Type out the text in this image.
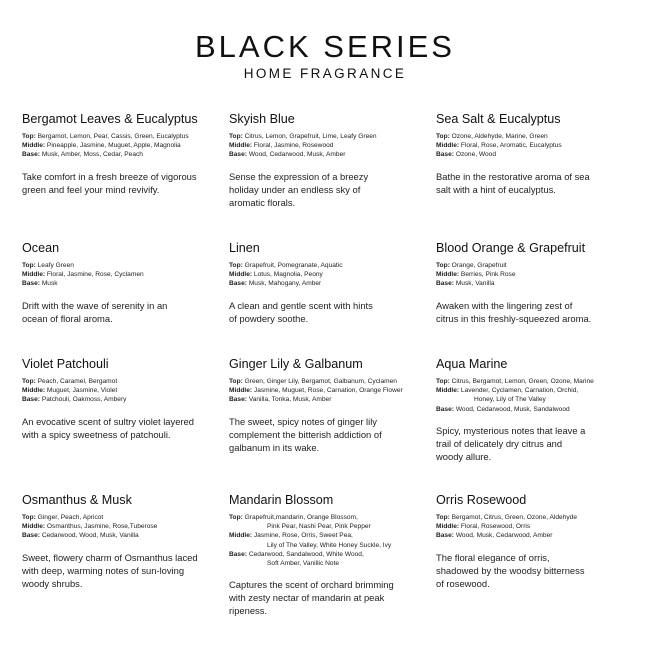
BLACK SERIES
HOME FRAGRANCE
Bergamot Leaves & Eucalyptus
Top: Bergamot, Lemon, Pear, Cassis, Green, Eucalyptus
Middle: Pineapple, Jasmine, Muguet, Apple, Magnolia
Base: Musk, Amber, Moss, Cedar, Peach
Take comfort in a fresh breeze of vigorous
green and feel your mind revivify.
Skyish Blue
Top: Citrus, Lemon, Grapefruit, Lime, Leafy Green
Middle: Floral, Jasmine, Rosewood
Base: Wood, Cedarwood, Musk, Amber
Sense the expression of a breezy
holiday under an endless sky of
aromatic florals.
Sea Salt & Eucalyptus
Top: Ozone, Aldehyde, Marine, Green
Middle: Floral, Rose, Aromatic, Eucalyptus
Base: Ozone, Wood
Bathe in the restorative aroma of sea
salt with a hint of eucalyptus.
Ocean
Top: Leafy Green
Middle: Floral, Jasmine, Rose, Cyclamen
Base: Musk
Drift with the wave of serenity in an
ocean of floral aroma.
Linen
Top: Grapefruit, Pomegranate, Aquatic
Middle: Lotus, Magnolia, Peony
Base: Musk, Mahogany, Amber
A clean and gentle scent with hints
of powdery soothe.
Blood Orange & Grapefruit
Top: Orange, Grapefruit
Middle: Berries, Pink Rose
Base: Musk, Vanilla
Awaken with the lingering zest of
citrus in this freshly-squeezed aroma.
Violet Patchouli
Top: Peach, Caramel, Bergamot
Middle: Muguet, Jasmine, Violet
Base: Patchouli, Oakmoss, Ambery
An evocative scent of sultry violet layered
with a spicy sweetness of patchouli.
Ginger Lily & Galbanum
Top: Green, Ginger Lily, Bergamot, Galbanum, Cyclamen
Middle: Jasmine, Muguet, Rose, Carnation, Orange Flower
Base: Vanilla, Tonka, Musk, Amber
The sweet, spicy notes of ginger lily
complement the bitterish addiction of
galbanum in its wake.
Aqua Marine
Top: Citrus, Bergamot, Lemon, Green, Ozone, Marine
Middle: Lavender, Cyclamen, Carnation, Orchid,
Honey, Lily of The Valley
Base: Wood, Cedarwood, Musk, Sandalwood
Spicy, mysterious notes that leave a
trail of delicately dry citrus and
woody allure.
Osmanthus & Musk
Top: Ginger, Peach, Apricot
Middle: Osmanthus, Jasmine, Rose,Tuberose
Base: Cedarwood, Wood, Musk, Vanilla
Sweet, flowery charm of Osmanthus laced
with deep, warming notes of sun-loving
woody shrubs.
Mandarin Blossom
Top: Grapefruit,mandarin, Orange Blossom,
Pink Pear, Nashi Pear, Pink Pepper
Middle: Jasmine, Rose, Orris, Sweet Pea,
Lily of The Valley, White Honey Suckle, Ivy
Base: Cedarwood, Sandalwood, White Wood,
Soft Amber, Vanillic Note
Captures the scent of orchard brimming
with zesty nectar of mandarin at peak
ripeness.
Orris Rosewood
Top: Bergamot, Citrus, Green, Ozone, Aldehyde
Middle: Floral, Rosewood, Orris
Base: Wood, Musk, Cedarwood, Amber
The floral elegance of orris,
shadowed by the woodsy bitterness
of rosewood.
